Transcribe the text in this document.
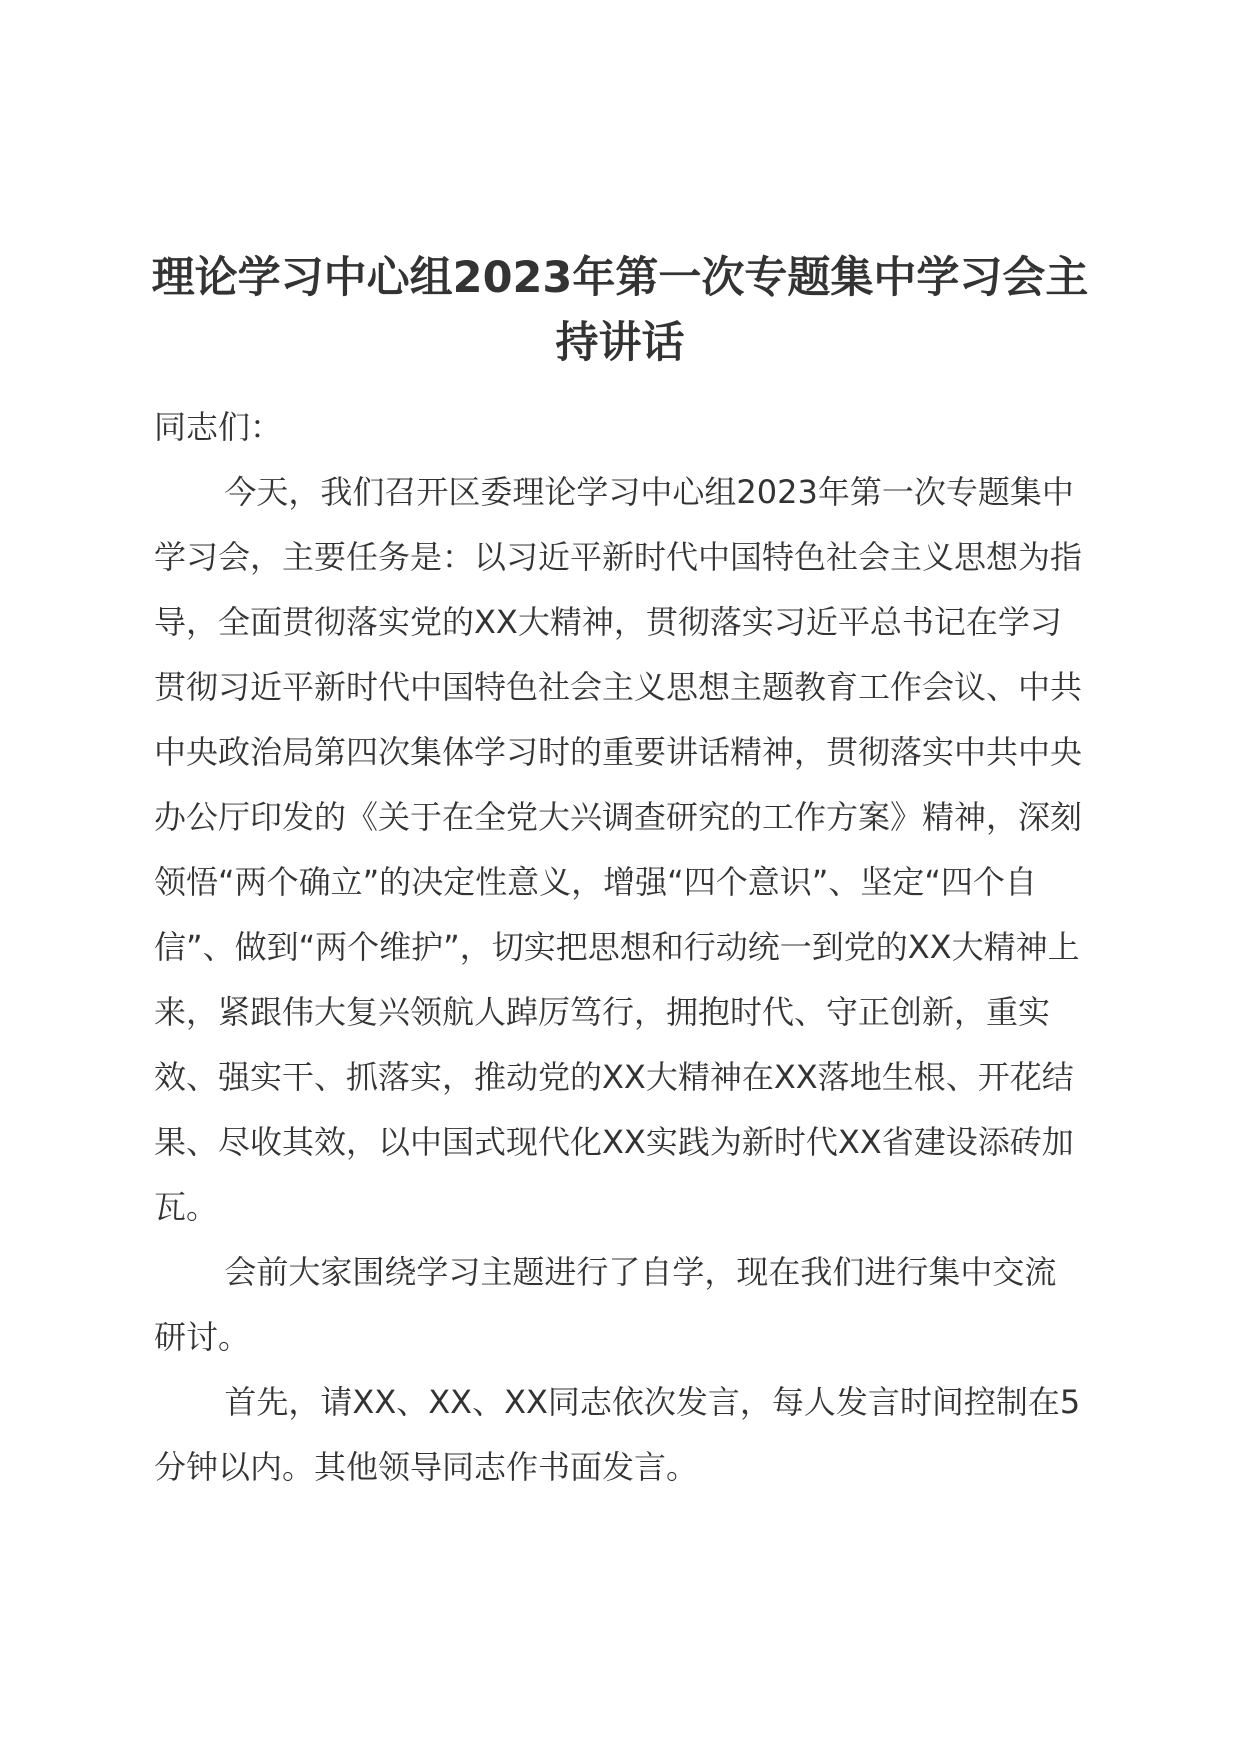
理论学习中心组2023年第一次专题集中学习会主持讲话

同志们：

今天，我们召开区委理论学习中心组2023年第一次专题集中学习会，主要任务是：以习近平新时代中国特色社会主义思想为指导，全面贯彻落实党的XX大精神，贯彻落实习近平总书记在学习贯彻习近平新时代中国特色社会主义思想主题教育工作会议、中共中央政治局第四次集体学习时的重要讲话精神，贯彻落实中共中央办公厅印发的《关于在全党大兴调查研究的工作方案》精神，深刻领悟“两个确立”的决定性意义，增强“四个意识”、坚定“四个自信”、做到“两个维护”，切实把思想和行动统一到党的XX大精神上来，紧跟伟大复兴领航人踔厉笃行，拥抱时代、守正创新，重实效、强实干、抓落实，推动党的XX大精神在XX落地生根、开花结果、尽收其效，以中国式现代化XX实践为新时代XX省建设添砖加瓦。

会前大家围绕学习主题进行了自学，现在我们进行集中交流研讨。

首先，请XX、XX、XX同志依次发言，每人发言时间控制在5分钟以内。其他领导同志作书面发言。
